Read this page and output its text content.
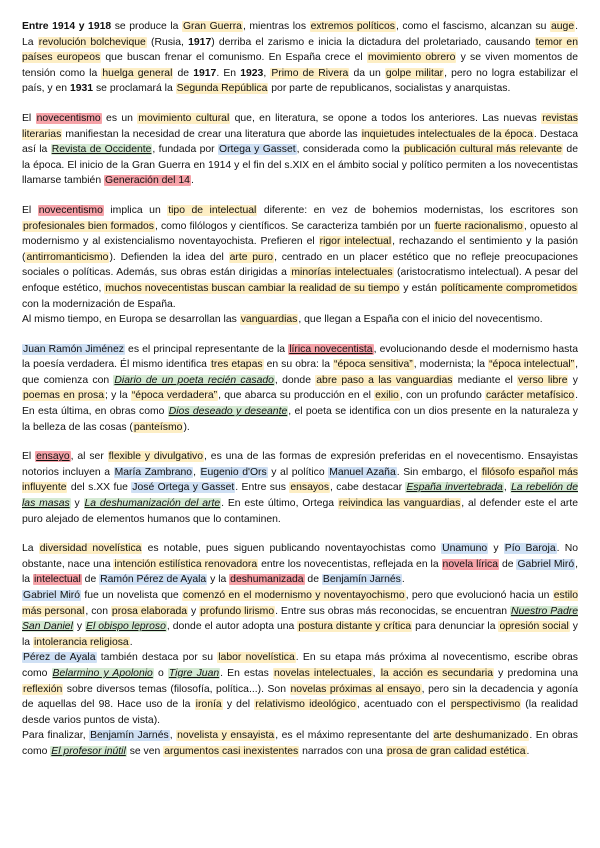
Entre 1914 y 1918 se produce la Gran Guerra, mientras los extremos políticos, como el fascismo, alcanzan su auge. La revolución bolchevique (Rusia, 1917) derriba el zarismo e inicia la dictadura del proletariado, causando temor en países europeos que buscan frenar el comunismo. En España crece el movimiento obrero y se viven momentos de tensión como la huelga general de 1917. En 1923, Primo de Rivera da un golpe militar, pero no logra estabilizar el país, y en 1931 se proclamará la Segunda República por parte de republicanos, socialistas y anarquistas.

El novecentismo es un movimiento cultural que, en literatura, se opone a todos los anteriores. Las nuevas revistas literarias manifiestan la necesidad de crear una literatura que aborde las inquietudes intelectuales de la época. Destaca así la Revista de Occidente, fundada por Ortega y Gasset, considerada como la publicación cultural más relevante de la época. El inicio de la Gran Guerra en 1914 y el fin del s.XIX en el ámbito social y político permiten a los novecentistas llamarse también Generación del 14.

El novecentismo implica un tipo de intelectual diferente: en vez de bohemios modernistas, los escritores son profesionales bien formados, como filólogos y científicos. Se caracteriza también por un fuerte racionalismo, opuesto al modernismo y al existencialismo noventayochista. Prefieren el rigor intelectual, rechazando el sentimiento y la pasión (antirromanticismo). Defienden la idea del arte puro, centrado en un placer estético que no refleje preocupaciones sociales o políticas. Además, sus obras están dirigidas a minorías intelectuales (aristocratismo intelectual). A pesar del enfoque estético, muchos novecentistas buscan cambiar la realidad de su tiempo y están políticamente comprometidos con la modernización de España.

Al mismo tiempo, en Europa se desarrollan las vanguardias, que llegan a España con el inicio del novecentismo.

Juan Ramón Jiménez es el principal representante de la lírica novecentista, evolucionando desde el modernismo hasta la poesía verdadera. Él mismo identifica tres etapas en su obra: la “época sensitiva”, modernista; la “época intelectual”, que comienza con Diario de un poeta recién casado, donde abre paso a las vanguardias mediante el verso libre y poemas en prosa; y la “época verdadera”, que abarca su producción en el exilio, con un profundo carácter metafísico. En esta última, en obras como Dios deseado y deseante, el poeta se identifica con un dios presente en la naturaleza y la belleza de las cosas (panteísmo).

El ensayo, al ser flexible y divulgativo, es una de las formas de expresión preferidas en el novecentismo. Ensayistas notorios incluyen a María Zambrano, Eugenio d'Ors y al político Manuel Azaña. Sin embargo, el filósofo español más influyente del s.XX fue José Ortega y Gasset. Entre sus ensayos, cabe destacar España invertebrada, La rebelión de las masas y La deshumanización del arte. En este último, Ortega reivindica las vanguardias, al defender este el arte puro alejado de elementos humanos que lo contaminen.

La diversidad novelística es notable, pues siguen publicando noventayochistas como Unamuno y Pío Baroja. No obstante, nace una intención estilística renovadora entre los novecentistas, reflejada en la novela lírica de Gabriel Miró, la intelectual de Ramón Pérez de Ayala y la deshumanizada de Benjamín Jarnés.

Gabriel Miró fue un novelista que comenzó en el modernismo y noventayochismo, pero que evolucionó hacia un estilo más personal, con prosa elaborada y profundo lirismo. Entre sus obras más reconocidas, se encuentran Nuestro Padre San Daniel y El obispo leproso, donde el autor adopta una postura distante y crítica para denunciar la opresión social y la intolerancia religiosa.

Pérez de Ayala también destaca por su labor novelística. En su etapa más próxima al novecentismo, escribe obras como Belarmino y Apolonio o Tigre Juan. En estas novelas intelectuales, la acción es secundaria y predomina una reflexión sobre diversos temas (filosofía, política...). Son novelas próximas al ensayo, pero sin la decadencia y agonía de aquellas del 98. Hace uso de la ironía y del relativismo ideológico, acentuado con el perspectivismo (la realidad desde varios puntos de vista).

Para finalizar, Benjamín Jarnés, novelista y ensayista, es el máximo representante del arte deshumanizado. En obras como El profesor inútil se ven argumentos casi inexistentes narrados con una prosa de gran calidad estética.
